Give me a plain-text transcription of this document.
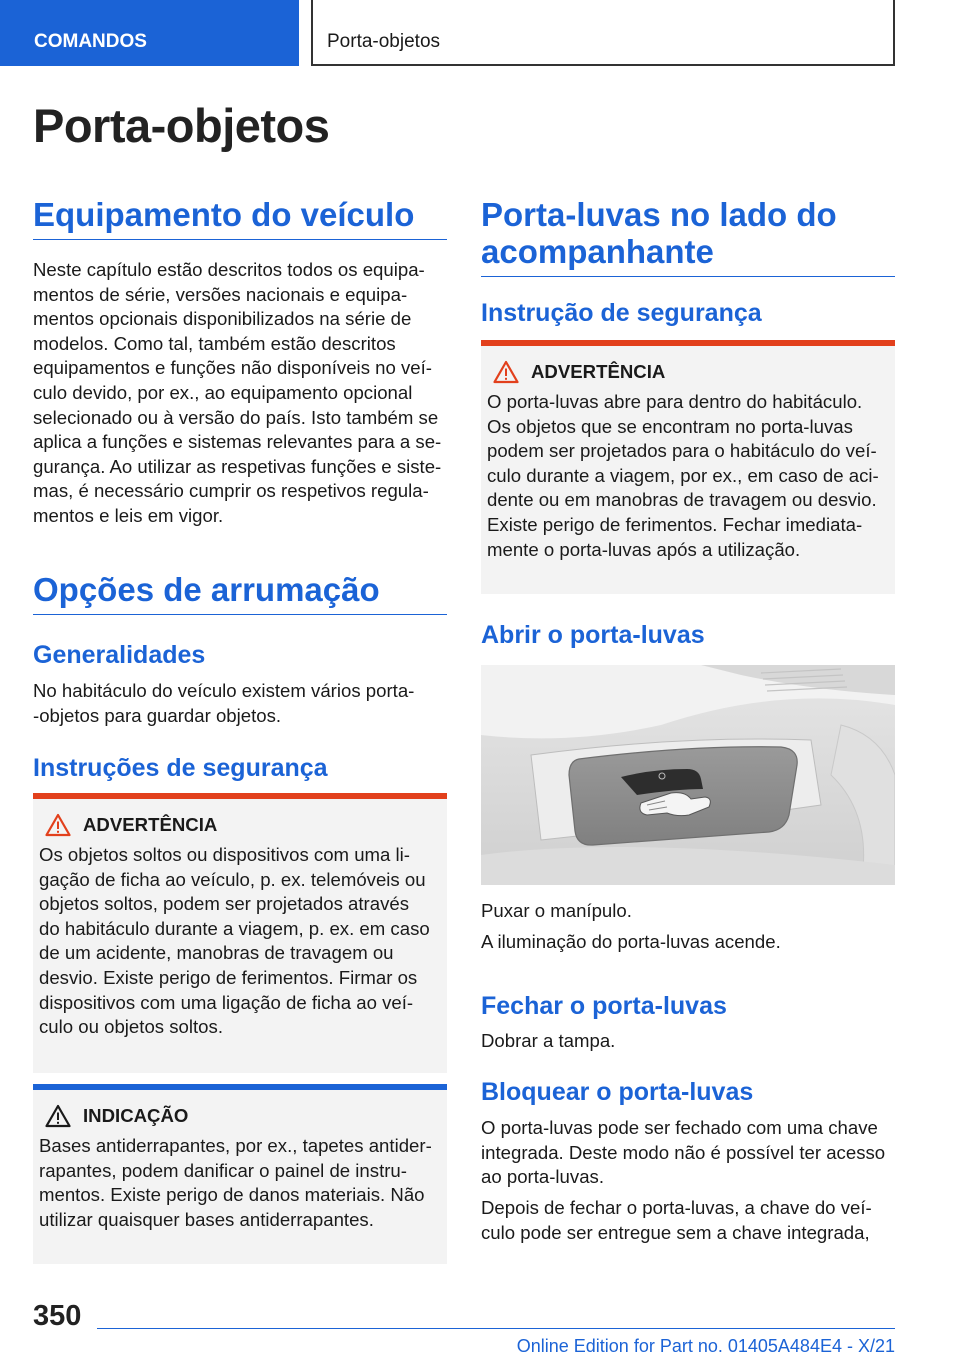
COMANDOS	Porta-objetos
Porta-objetos
Equipamento do veículo

Neste capítulo estão descritos todos os equipa-
mentos de série, versões nacionais e equipa-
mentos opcionais disponibilizados na série de
modelos. Como tal, também estão descritos
equipamentos e funções não disponíveis no veí-
culo devido, por ex., ao equipamento opcional
selecionado ou à versão do país. Isto também se
aplica a funções e sistemas relevantes para a se-
gurança. Ao utilizar as respetivas funções e siste-
mas, é necessário cumprir os respetivos regula-
mentos e leis em vigor.

Opções de arrumação
Generalidades

No habitáculo do veículo existem vários porta-
-objetos para guardar objetos.

Instruções de segurança
ADVERTÊNCIA

Os objetos soltos ou dispositivos com uma li-
gação de ficha ao veículo, p. ex. telemóveis ou
objetos soltos, podem ser projetados através
do habitáculo durante a viagem, p. ex. em caso
de um acidente, manobras de travagem ou
desvio. Existe perigo de ferimentos. Firmar os
dispositivos com uma ligação de ficha ao veí-
culo ou objetos soltos.

INDICAÇÃO

Bases antiderrapantes, por ex., tapetes antider-
rapantes, podem danificar o painel de instru-
mentos. Existe perigo de danos materiais. Não
utilizar quaisquer bases antiderrapantes.

Porta-luvas no lado do
acompanhante
Instrução de segurança
ADVERTÊNCIA

O porta-luvas abre para dentro do habitáculo.
Os objetos que se encontram no porta-luvas
podem ser projetados para o habitáculo do veí-
culo durante a viagem, por ex., em caso de aci-
dente ou em manobras de travagem ou desvio.
Existe perigo de ferimentos. Fechar imediata-
mente o porta-luvas após a utilização.

Abrir o porta-luvas

Puxar o manípulo.

A iluminação do porta-luvas acende.

Fechar o porta-luvas

Dobrar a tampa.

Bloquear o porta-luvas

O porta-luvas pode ser fechado com uma chave
integrada. Deste modo não é possível ter acesso
ao porta-luvas.

Depois de fechar o porta-luvas, a chave do veí-
culo pode ser entregue sem a chave integrada,

350
Online Edition for Part no. 01405A484E4 - X/21
